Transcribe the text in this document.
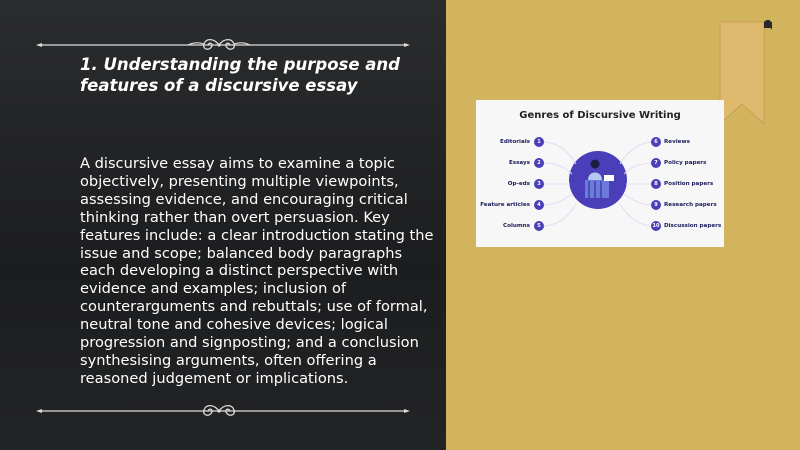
1. Understanding the purpose and features of a discursive essay

A discursive essay aims to examine a topic objectively, presenting multiple viewpoints, assessing evidence, and encouraging critical thinking rather than overt persuasion. Key features include: a clear introduction stating the issue and scope; balanced body paragraphs each developing a distinct perspective with evidence and examples; inclusion of counterarguments and rebuttals; use of formal, neutral tone and cohesive devices; logical progression and signposting; and a conclusion synthesising arguments, often offering a reasoned judgement or implications.

Genres of Discursive Writing
Editorials	1
Essays	2
Op-eds	3
Feature articles	4
Columns	5
6	Reviews
7	Policy papers
8	Position papers
9	Research papers
10 Discussion papers
